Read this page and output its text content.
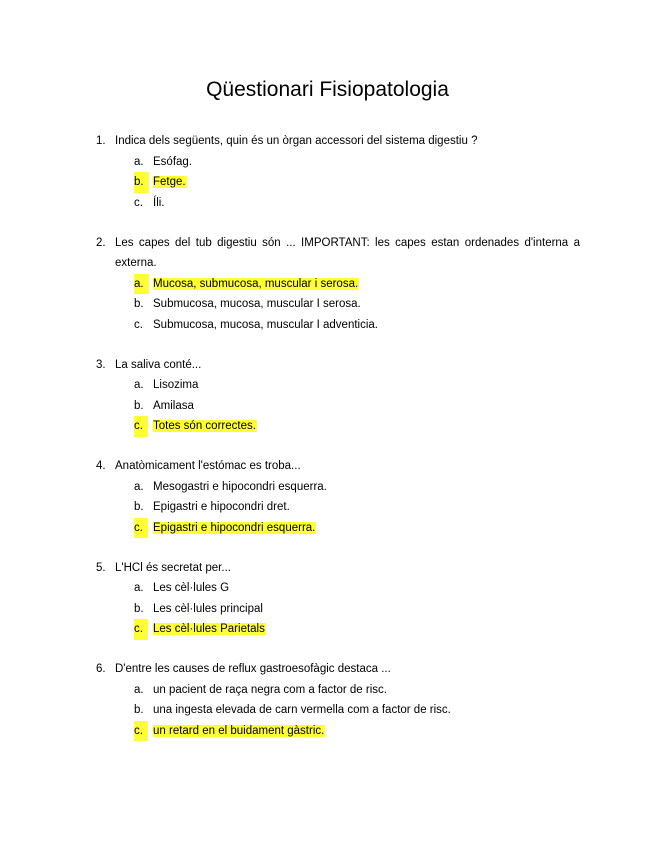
Qüestionari Fisiopatologia
1. Indica dels següents, quin és un òrgan accessori del sistema digestiu ?
a. Esófag.
b. Fetge.
c. Íli.
2. Les capes del tub digestiu són ... IMPORTANT: les capes estan ordenades d'interna a externa.
a. Mucosa, submucosa, muscular i serosa.
b. Submucosa, mucosa, muscular I serosa.
c. Submucosa, mucosa, muscular I adventicia.
3. La saliva conté...
a. Lisozima
b. Amilasa
c. Totes són correctes.
4. Anatòmicament l'estómac es troba...
a. Mesogastri e hipocondri esquerra.
b. Epigastri e hipocondri dret.
c. Epigastri e hipocondri esquerra.
5. L'HCl és secretat per...
a. Les cèl·lules G
b. Les cèl·lules principal
c. Les cèl·lules Parietals
6. D'entre les causes de reflux gastroesofàgic destaca ...
a. un pacient de raça negra com a factor de risc.
b. una ingesta elevada de carn vermella com a factor de risc.
c. un retard en el buidament gàstric.
